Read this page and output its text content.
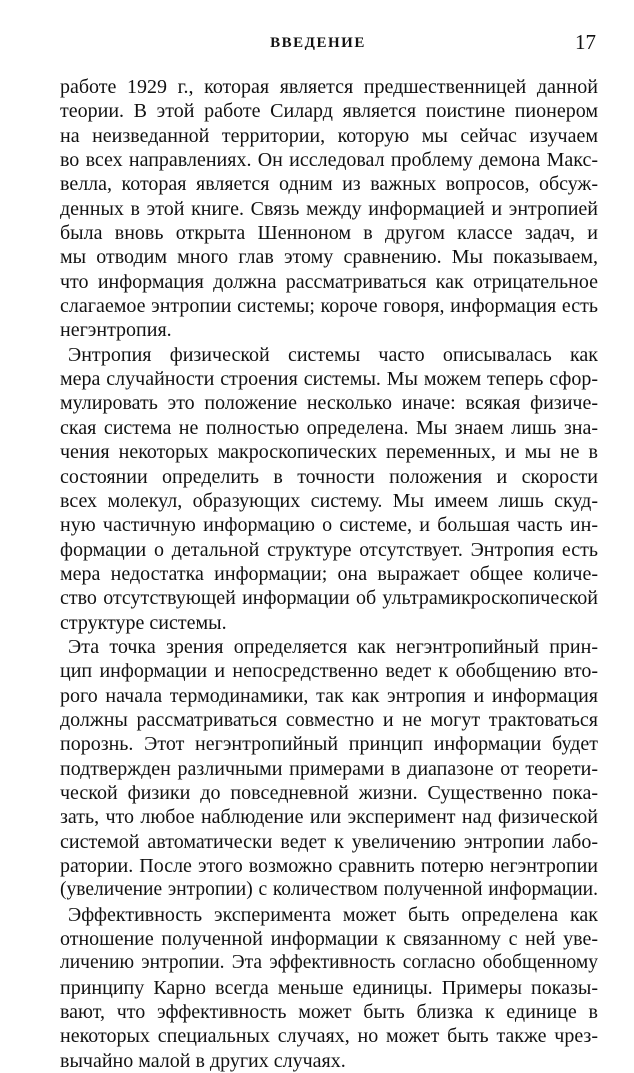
ВВЕДЕНИЕ	17
работе 1929 г., которая является предшественницей данной
теории. В этой работе Силард является поистине пионером
на неизведанной территории, которую мы сейчас изучаем
во всех направлениях. Он исследовал проблему демона Макс-
велла, которая является одним из важных вопросов, обсуж-
денных в этой книге. Связь между информацией и энтропией
была вновь открыта Шенноном в другом классе задач, и
мы отводим много глав этому сравнению. Мы показываем,
что информация должна рассматриваться как отрицательное
слагаемое энтропии системы; короче говоря, информация есть
негэнтропия.
Энтропия физической системы часто описывалась как
мера случайности строения системы. Мы можем теперь сфор-
мулировать это положение несколько иначе: всякая физиче-
ская система не полностью определена. Мы знаем лишь зна-
чения некоторых макроскопических переменных, и мы не в
состоянии определить в точности положения и скорости
всех молекул, образующих систему. Мы имеем лишь скуд-
ную частичную информацию о системе, и большая часть ин-
формации о детальной структуре отсутствует. Энтропия есть
мера недостатка информации; она выражает общее количе-
ство отсутствующей информации об ультрамикроскопической
структуре системы.
Эта точка зрения определяется как негэнтропийный прин-
цип информации и непосредственно ведет к обобщению вто-
рого начала термодинамики, так как энтропия и информация
должны рассматриваться совместно и не могут трактоваться
порознь. Этот негэнтропийный принцип информации будет
подтвержден различными примерами в диапазоне от теорети-
ческой физики до повседневной жизни. Существенно пока-
зать, что любое наблюдение или эксперимент над физической
системой автоматически ведет к увеличению энтропии лабо-
ратории. После этого возможно сравнить потерю негэнтропии
(увеличение энтропии) с количеством полученной информации.
Эффективность эксперимента может быть определена как
отношение полученной информации к связанному с ней уве-
личению энтропии. Эта эффективность согласно обобщенному
принципу Карно всегда меньше единицы. Примеры показы-
вают, что эффективность может быть близка к единице в
некоторых специальных случаях, но может быть также чрез-
вычайно малой в других случаях.
